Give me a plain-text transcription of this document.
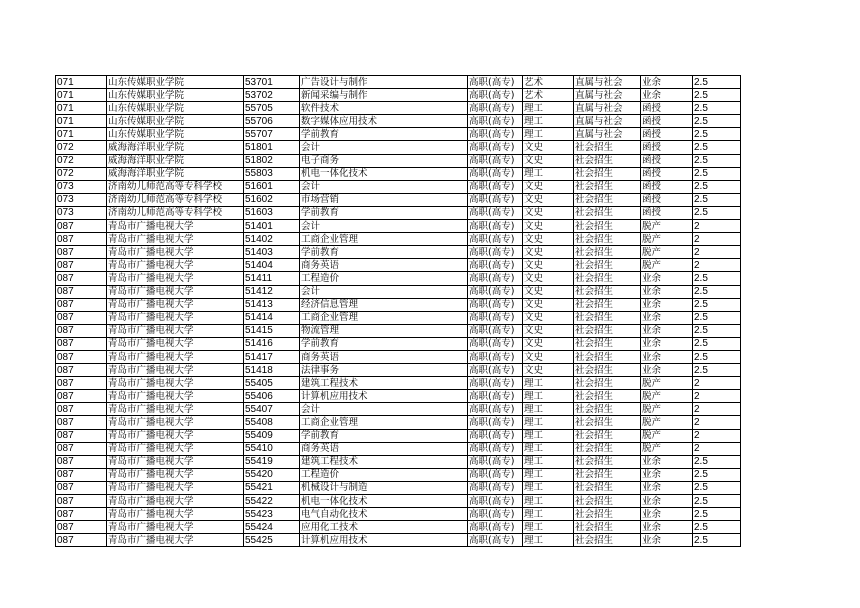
071	山东传媒职业学院	53701	广告设计与制作	高职(高专)	艺术	直属与社会	业余	2.5
071	山东传媒职业学院	53702	新闻采编与制作	高职(高专)	艺术	直属与社会	业余	2.5
071	山东传媒职业学院	55705	软件技术	高职(高专)	理工	直属与社会	函授	2.5
071	山东传媒职业学院	55706	数字媒体应用技术	高职(高专)	理工	直属与社会	函授	2.5
071	山东传媒职业学院	55707	学前教育	高职(高专)	理工	直属与社会	函授	2.5
072	威海海洋职业学院	51801	会计	高职(高专)	文史	社会招生	函授	2.5
072	威海海洋职业学院	51802	电子商务	高职(高专)	文史	社会招生	函授	2.5
072	威海海洋职业学院	55803	机电一体化技术	高职(高专)	理工	社会招生	函授	2.5
073	济南幼儿师范高等专科学校	51601	会计	高职(高专)	文史	社会招生	函授	2.5
073	济南幼儿师范高等专科学校	51602	市场营销	高职(高专)	文史	社会招生	函授	2.5
073	济南幼儿师范高等专科学校	51603	学前教育	高职(高专)	文史	社会招生	函授	2.5
087	青岛市广播电视大学	51401	会计	高职(高专)	文史	社会招生	脱产	2
087	青岛市广播电视大学	51402	工商企业管理	高职(高专)	文史	社会招生	脱产	2
087	青岛市广播电视大学	51403	学前教育	高职(高专)	文史	社会招生	脱产	2
087	青岛市广播电视大学	51404	商务英语	高职(高专)	文史	社会招生	脱产	2
087	青岛市广播电视大学	51411	工程造价	高职(高专)	文史	社会招生	业余	2.5
087	青岛市广播电视大学	51412	会计	高职(高专)	文史	社会招生	业余	2.5
087	青岛市广播电视大学	51413	经济信息管理	高职(高专)	文史	社会招生	业余	2.5
087	青岛市广播电视大学	51414	工商企业管理	高职(高专)	文史	社会招生	业余	2.5
087	青岛市广播电视大学	51415	物流管理	高职(高专)	文史	社会招生	业余	2.5
087	青岛市广播电视大学	51416	学前教育	高职(高专)	文史	社会招生	业余	2.5
087	青岛市广播电视大学	51417	商务英语	高职(高专)	文史	社会招生	业余	2.5
087	青岛市广播电视大学	51418	法律事务	高职(高专)	文史	社会招生	业余	2.5
087	青岛市广播电视大学	55405	建筑工程技术	高职(高专)	理工	社会招生	脱产	2
087	青岛市广播电视大学	55406	计算机应用技术	高职(高专)	理工	社会招生	脱产	2
087	青岛市广播电视大学	55407	会计	高职(高专)	理工	社会招生	脱产	2
087	青岛市广播电视大学	55408	工商企业管理	高职(高专)	理工	社会招生	脱产	2
087	青岛市广播电视大学	55409	学前教育	高职(高专)	理工	社会招生	脱产	2
087	青岛市广播电视大学	55410	商务英语	高职(高专)	理工	社会招生	脱产	2
087	青岛市广播电视大学	55419	建筑工程技术	高职(高专)	理工	社会招生	业余	2.5
087	青岛市广播电视大学	55420	工程造价	高职(高专)	理工	社会招生	业余	2.5
087	青岛市广播电视大学	55421	机械设计与制造	高职(高专)	理工	社会招生	业余	2.5
087	青岛市广播电视大学	55422	机电一体化技术	高职(高专)	理工	社会招生	业余	2.5
087	青岛市广播电视大学	55423	电气自动化技术	高职(高专)	理工	社会招生	业余	2.5
087	青岛市广播电视大学	55424	应用化工技术	高职(高专)	理工	社会招生	业余	2.5
087	青岛市广播电视大学	55425	计算机应用技术	高职(高专)	理工	社会招生	业余	2.5
